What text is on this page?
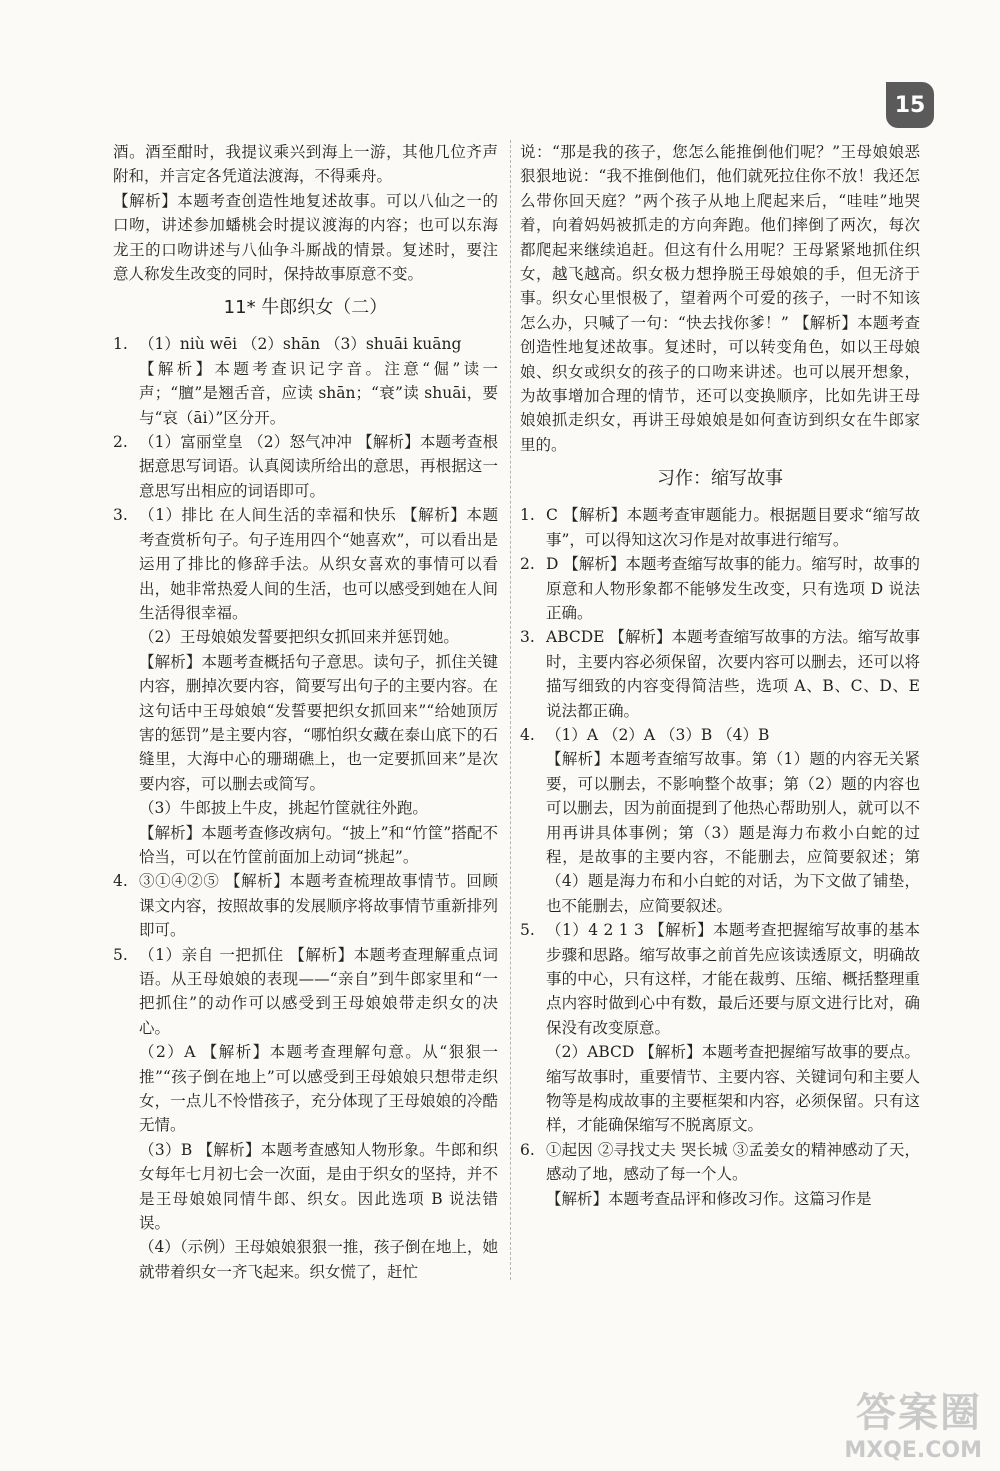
15

酒。酒至酣时，我提议乘兴到海上一游，其他几位齐声附和，并言定各凭道法渡海，不得乘舟。

【解析】本题考查创造性地复述故事。可以八仙之一的口吻，讲述参加蟠桃会时提议渡海的内容；也可以东海龙王的口吻讲述与八仙争斗厮战的情景。复述时，要注意人称发生改变的同时，保持故事原意不变。

11* 牛郎织女（二）
1. （1）niù wēi （2）shān （3）shuāi kuāng

【解析】本题考查识记字音。注意“倔”读一声；“膻”是翘舌音，应读 shān；“衰”读 shuāi，要与“哀（āi）”区分开。

2. （1）富丽堂皇 （2）怒气冲冲 【解析】本题考查根据意思写词语。认真阅读所给出的意思，再根据这一意思写出相应的词语即可。

3. （1）排比 在人间生活的幸福和快乐 【解析】本题考查赏析句子。句子连用四个“她喜欢”，可以看出是运用了排比的修辞手法。从织女喜欢的事情可以看出，她非常热爱人间的生活，也可以感受到她在人间生活得很幸福。

（2）王母娘娘发誓要把织女抓回来并惩罚她。

【解析】本题考查概括句子意思。读句子，抓住关键内容，删掉次要内容，简要写出句子的主要内容。在这句话中王母娘娘“发誓要把织女抓回来”“给她顶厉害的惩罚”是主要内容，“哪怕织女藏在泰山底下的石缝里，大海中心的珊瑚礁上，也一定要抓回来”是次要内容，可以删去或简写。

（3）牛郎披上牛皮，挑起竹筐就往外跑。

【解析】本题考查修改病句。“披上”和“竹筐”搭配不恰当，可以在竹筐前面加上动词“挑起”。

4. ③①④②⑤ 【解析】本题考查梳理故事情节。回顾课文内容，按照故事的发展顺序将故事情节重新排列即可。

5. （1）亲自 一把抓住 【解析】本题考查理解重点词语。从王母娘娘的表现——“亲自”到牛郎家里和“一把抓住”的动作可以感受到王母娘娘带走织女的决心。

（2）A 【解析】本题考查理解句意。从“狠狠一推”“孩子倒在地上”可以感受到王母娘娘只想带走织女，一点儿不怜惜孩子，充分体现了王母娘娘的冷酷无情。

（3）B 【解析】本题考查感知人物形象。牛郎和织女每年七月初七会一次面，是由于织女的坚持，并不是王母娘娘同情牛郎、织女。因此选项 B 说法错误。

（4）（示例）王母娘娘狠狠一推，孩子倒在地上，她就带着织女一齐飞起来。织女慌了，赶忙

说：“那是我的孩子，您怎么能推倒他们呢？”王母娘娘恶狠狠地说：“我不推倒他们，他们就死拉住你不放！我还怎么带你回天庭？”两个孩子从地上爬起来后，“哇哇”地哭着，向着妈妈被抓走的方向奔跑。他们摔倒了两次，每次都爬起来继续追赶。但这有什么用呢？王母紧紧地抓住织女，越飞越高。织女极力想挣脱王母娘娘的手，但无济于事。织女心里恨极了，望着两个可爱的孩子，一时不知该怎么办，只喊了一句：“快去找你爹！” 【解析】本题考查创造性地复述故事。复述时，可以转变角色，如以王母娘娘、织女或织女的孩子的口吻来讲述。也可以展开想象，为故事增加合理的情节，还可以变换顺序，比如先讲王母娘娘抓走织女，再讲王母娘娘是如何查访到织女在牛郎家里的。

习作：缩写故事
1. C 【解析】本题考查审题能力。根据题目要求“缩写故事”，可以得知这次习作是对故事进行缩写。

2. D 【解析】本题考查缩写故事的能力。缩写时，故事的原意和人物形象都不能够发生改变，只有选项 D 说法正确。

3. ABCDE 【解析】本题考查缩写故事的方法。缩写故事时，主要内容必须保留，次要内容可以删去，还可以将描写细致的内容变得简洁些，选项 A、B、C、D、E 说法都正确。

4. （1）A （2）A （3）B （4）B

【解析】本题考查缩写故事。第（1）题的内容无关紧要，可以删去，不影响整个故事；第（2）题的内容也可以删去，因为前面提到了他热心帮助别人，就可以不用再讲具体事例；第（3）题是海力布救小白蛇的过程，是故事的主要内容，不能删去，应简要叙述；第（4）题是海力布和小白蛇的对话，为下文做了铺垫，也不能删去，应简要叙述。

5. （1）4 2 1 3 【解析】本题考查把握缩写故事的基本步骤和思路。缩写故事之前首先应该读透原文，明确故事的中心，只有这样，才能在裁剪、压缩、概括整理重点内容时做到心中有数，最后还要与原文进行比对，确保没有改变原意。

（2）ABCD 【解析】本题考查把握缩写故事的要点。缩写故事时，重要情节、主要内容、关键词句和主要人物等是构成故事的主要框架和内容，必须保留。只有这样，才能确保缩写不脱离原文。

6. ①起因 ②寻找丈夫 哭长城 ③孟姜女的精神感动了天，感动了地，感动了每一个人。

【解析】本题考查品评和修改习作。这篇习作是

答案圈
MXQE.COM
